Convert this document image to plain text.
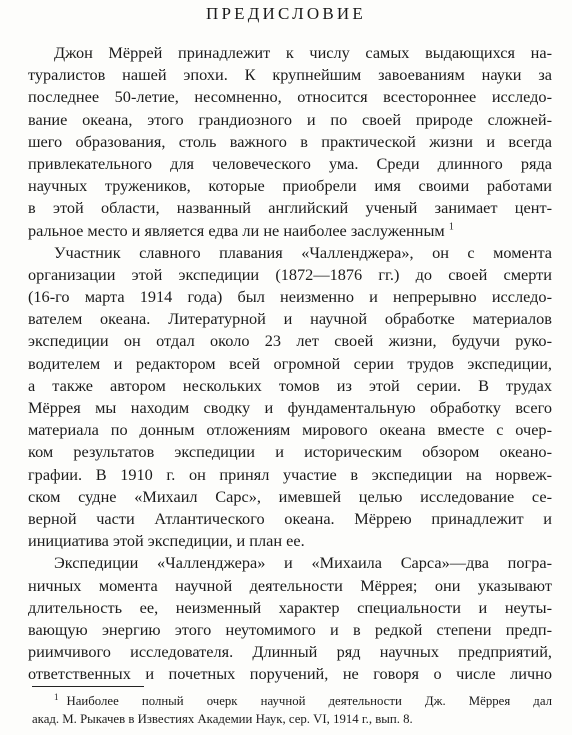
ПРЕДИСЛОВИЕ
Джон Мёррей принадлежит к числу самых выдающихся на-
туралистов нашей эпохи. К крупнейшим завоеваниям науки за
последнее 50-летие, несомненно, относится всестороннее исследо-
вание океана, этого грандиозного и по своей природе сложней-
шего образования, столь важного в практической жизни и всегда
привлекательного для человеческого ума. Среди длинного ряда
научных тружеников, которые приобрели имя своими работами
в этой области, названный английский ученый занимает цент-
ральное место и является едва ли не наиболее заслуженным $^1$
Участник славного плавания «Чалленджера», он с момента
организации этой экспедиции (1872—1876 гг.) до своей смерти
(16-го марта 1914 года) был неизменно и непрерывно исследо-
вателем океана. Литературной и научной обработке материалов
экспедиции он отдал около 23 лет своей жизни, будучи руко-
водителем и редактором всей огромной серии трудов экспедиции,
а также автором нескольких томов из этой серии. В трудах
Мёррея мы находим сводку и фундаментальную обработку всего
материала по донным отложениям мирового океана вместе с очер-
ком результатов экспедиции и историческим обзором океано-
графии. В 1910 г. он принял участие в экспедиции на норвеж-
ском судне «Михаил Сарс», имевшей целью исследование се-
верной части Атлантического океана. Мёррею принадлежит и
инициатива этой экспедиции, и план ее.
Экспедиции «Чалленджера» и «Михаила Сарса»—два погра-
ничных момента научной деятельности Мёррея; они указывают
длительность ее, неизменный характер специальности и неуты-
вающую энергию этого неутомимого и в редкой степени предп-
риимчивого исследователя. Длинный ряд научных предприятий,
ответственных и почетных поручений, не говоря о числе лично
$^1$ Наиболее полный очерк научной деятельности Дж. Мёррея дал
акад. М. Рыкачев в Известиях Академии Наук, сер. VI, 1914 г., вып. 8.
